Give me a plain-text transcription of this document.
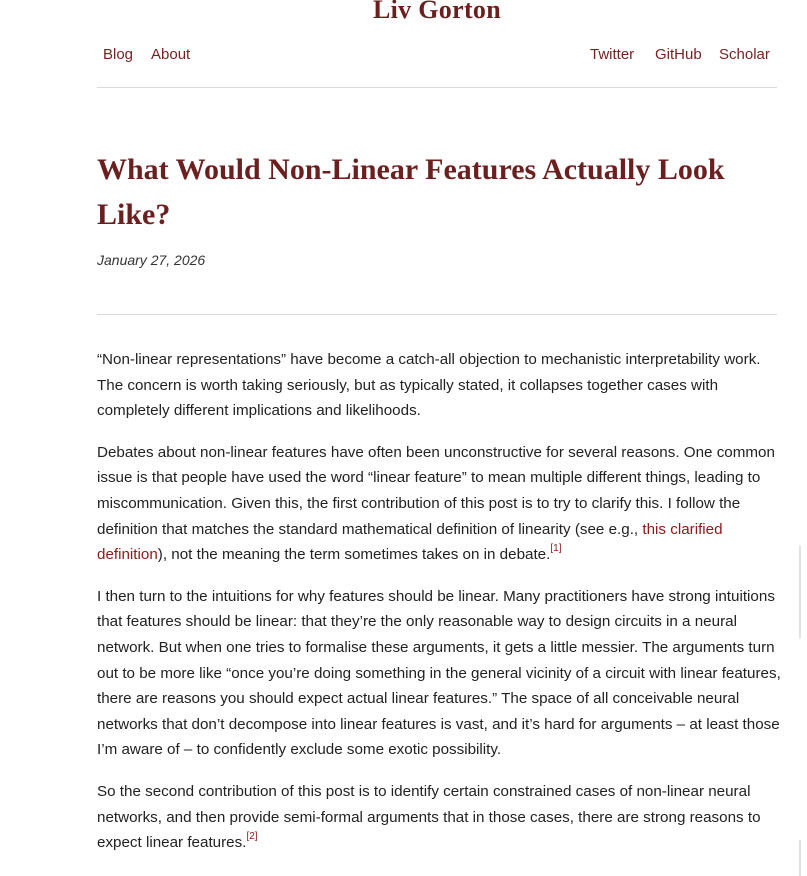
Liv Gorton
Blog About	Twitter GitHub Scholar
What Would Non-Linear Features Actually Look Like?
January 27, 2026

“Non-linear representations” have become a catch-all objection to mechanistic interpretability work. The concern is worth taking seriously, but as typically stated, it collapses together cases with completely different implications and likelihoods.

Debates about non-linear features have often been unconstructive for several reasons. One common issue is that people have used the word “linear feature” to mean multiple different things, leading to miscommunication. Given this, the first contribution of this post is to try to clarify this. I follow the definition that matches the standard mathematical definition of linearity (see e.g., this clarified definition), not the meaning the term sometimes takes on in debate.[1]

I then turn to the intuitions for why features should be linear. Many practitioners have strong intuitions that features should be linear: that they’re the only reasonable way to design circuits in a neural network. But when one tries to formalise these arguments, it gets a little messier. The arguments turn out to be more like “once you’re doing something in the general vicinity of a circuit with linear features, there are reasons you should expect actual linear features.” The space of all conceivable neural networks that don’t decompose into linear features is vast, and it’s hard for arguments – at least those I’m aware of – to confidently exclude some exotic possibility.

So the second contribution of this post is to identify certain constrained cases of non-linear neural networks, and then provide semi-formal arguments that in those cases, there are strong reasons to expect linear features.[2]
